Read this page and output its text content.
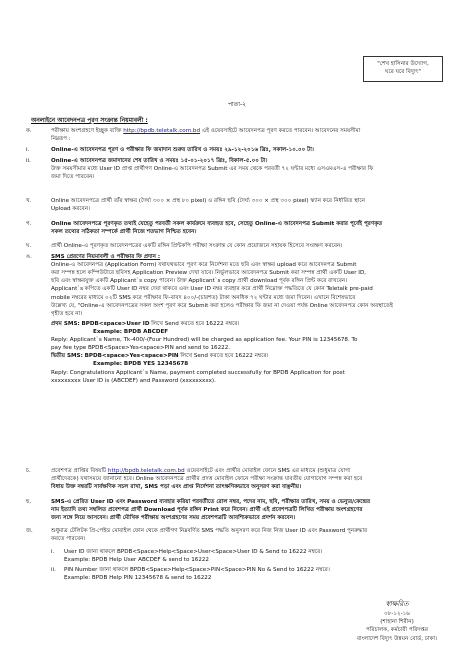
"শেখ হাসিনার উদ্যোগ,
ঘরে ঘরে বিদ্যুৎ"
পাতা-২
অনলাইনে আবেদনপত্র পূরণ সংক্রান্ত নিয়মাবলী :
ক.	পরীক্ষায় অংশগ্রহণে ইচ্ছুক ব্যক্তি http://bpdb.teletalk.com.bd এই ওয়েবসাইটে আবেদনপত্র পূরণ করতে পারবেন। আবেদনের সময়সীমা
নিম্নরূপ :
i.	Online-এ আবেদনপত্র পূরণ ও পরীক্ষার ফি জমাদান শুরুর তারিখ ও সময়ঃ ২৯-১২-২০১৬ খ্রিঃ, সকাল-১০.০০ টা।
ii.	Online-এ আবেদনপত্র জমাদানের শেষ তারিখ ও সময়ঃ ১৫-০১-২০১৭ খ্রিঃ, বিকাল-৫.০০ টা।
উক্ত সময়সীমার মধ্যে User ID প্রাপ্ত প্রার্থীগণ Online-এ আবেদনপত্র Submit এর সময় থেকে পরবর্তী ৭২ ঘন্টার মধ্যে এসএমএস-এ পরীক্ষার ফি
জমা দিতে পারবেন।
খ.	Online আবেদনপত্রে প্রার্থী তাঁর স্বাক্ষর (দৈর্ঘ্য ৩০০ × প্রস্থ ৮০ pixel) ও রঙ্গিন ছবি (দৈর্ঘ্য ৩০০ × প্রস্থ ৩০০ pixel) স্ক্যান করে নির্ধারিত স্থানে
Upload করবেন।
গ.	Online আবেদনপত্রে পূরণকৃত তথ্যই যেহেতু পরবর্তী সকল কার্যক্রমে ব্যবহৃত হবে, সেহেতু Online-এ আবেদনপত্র Submit করার পূর্বেই পূরণকৃত
সকল তথ্যের সঠিকতা সম্পর্কে প্রার্থী নিজে শতভাগ নিশ্চিত হবেন।
ঘ.	প্রার্থী Online-এ পূরণকৃত আবেদনপত্রের একটি রঙ্গিন প্রিন্টকপি পরীক্ষা সংক্রান্ত যে কোন প্রয়োজনে সহায়ক হিসেবে সংরক্ষণ করবেন।
ঙ.	SMS প্রেরণের নিয়মাবলী ও পরীক্ষার ফি প্রদান :
Online-এ আবেদনপত্র (Application Form) যথাযথভাবে পূরণ করে নির্দেশনা মতে ছবি এবং স্বাক্ষর upload করে আবেদনপত্র Submit
করা সম্পন্ন হলে কম্পিউটারে ছবিসহ Application Preview দেখা যাবে। নির্ভুলভাবে আবেদনপত্র Submit করা সম্পন্ন প্রার্থী একটি User ID,
ছবি এবং স্বাক্ষরযুক্ত একটি Applicant`s copy পাবেন। উক্ত Applicant`s copy প্রার্থী download পূর্বক রঙ্গিন প্রিন্ট করে রাখবেন।
Applicant`s কপিতে একটি User ID নম্বর দেয়া থাকবে এবং User ID নম্বর ব্যবহার করে প্রার্থী নিম্নোক্ত পদ্ধতিতে যে কোন Teletalk pre-paid
mobile নম্বরের মাধ্যমে ০২টি SMS করে পরীক্ষার ফি-বাবদ ৪০০/-(চারশত) টাকা অনধিক ৭২ ঘন্টার মধ্যে জমা দিবেন। এখানে বিশেষভাবে
উল্লেখ্য যে, "Online-এ আবেদনপত্রের সকল অংশ পূরণ করে Submit করা হলেও পরীক্ষার ফি জমা না দেওয়া পর্যন্ত Online আবেদনপত্র কোন অবস্থাতেই
গৃহীত হবে না।
প্রথম SMS: BPDB<space>User ID লিখে Send করতে হবে 16222 নম্বরে।
Example: BPDB ABCDEF
Reply: Applicant`s Name, Tk-400/-(Four Hundred) will be charged as application fee. Your PIN is 12345678. To
pay fee type BPDB<Space>Yes<space>PIN and send to 16222.
দ্বিতীয় SMS: BPDB<space>Yes<space>PIN লিখে Send করতে হবে 16222 নম্বরে।
Example: BPDB YES 12345678
Reply: Congratulations Applicant`s Name, payment completed successfully for BPDB Application for post
xxxxxxxxx User ID is (ABCDEF) and Password (xxxxxxxxx).
চ.	প্রবেশপত্র প্রাপ্তির বিষয়টি http://bpdb.teletalk.com.bd ওয়েবসাইটে এবং প্রার্থীর মোবাইল ফোনে SMS এর মাধ্যমে (শুধুমাত্র যোগ্য
প্রার্থীদেরকে) যথাসময়ে জানানো হবে। Online আবেদনপত্রে প্রার্থীর প্রদত্ত মোবাইল ফোনে পরীক্ষা সংক্রান্ত যাবতীয় যোগাযোগ সম্পন্ন করা হবে
বিধায় উক্ত নম্বরটি সার্বক্ষণিক সচল রাখা, SMS পড়া এবং প্রাপ্ত নির্দেশনা তাৎক্ষণিকভাবে অনুসরণ করা বাঞ্ছনীয়।
ছ.	SMS-এ প্রেরিত User ID এবং Password ব্যবহার করিয়া পরবর্তীতে রোল নম্বর, পদের নাম, ছবি, পরীক্ষার তারিখ, সময় ও ভেন্যুর/কেন্দ্রের
নাম ইত্যাদি তথ্য সম্বলিত প্রবেশপত্র প্রার্থী Download পূর্বক রঙ্গিন Print করে নিবেন। প্রার্থী এই প্রবেশপত্রটি লিখিত পরীক্ষায় অংশগ্রহণের
জন্য সঙ্গে নিয়ে আসবেন। প্রার্থী মৌখিক পরীক্ষায় অংশগ্রহণের সময় প্রবেশপত্রটি আবশ্যিকভাবে প্রদর্শন করবেন।
জ.	শুধুমাত্র টেলিটক প্রি-পেইড মোবাইল ফোন থেকে প্রার্থীগণ নিম্নবর্ণিত SMS পদ্ধতি অনুসরণ করে নিজ নিজ User ID এবং Password পুনরুদ্ধার
করতে পারবেন।
i. User ID জানা থাকলে BPDB<Space>Help<Space>User<Space>User ID & Send to 16222 নম্বরে।
Example: BPDB Help User ABCDEF & send to 16222
ii. PIN Number জানা থাকলে BPDB<Space>Help<Space>PIN<Space>PIN No & Send to 16222 নম্বরে।
Example: BPDB Help PIN 12345678 & send to 16222
স্বাক্ষরিত
০৮-১২-১৬
(শাহানা শিরীন)
পরিচালক, কর্মচারী পরিদপ্তর
বাংলাদেশ বিদ্যুৎ উন্নয়ন বোর্ড, ঢাকা।
